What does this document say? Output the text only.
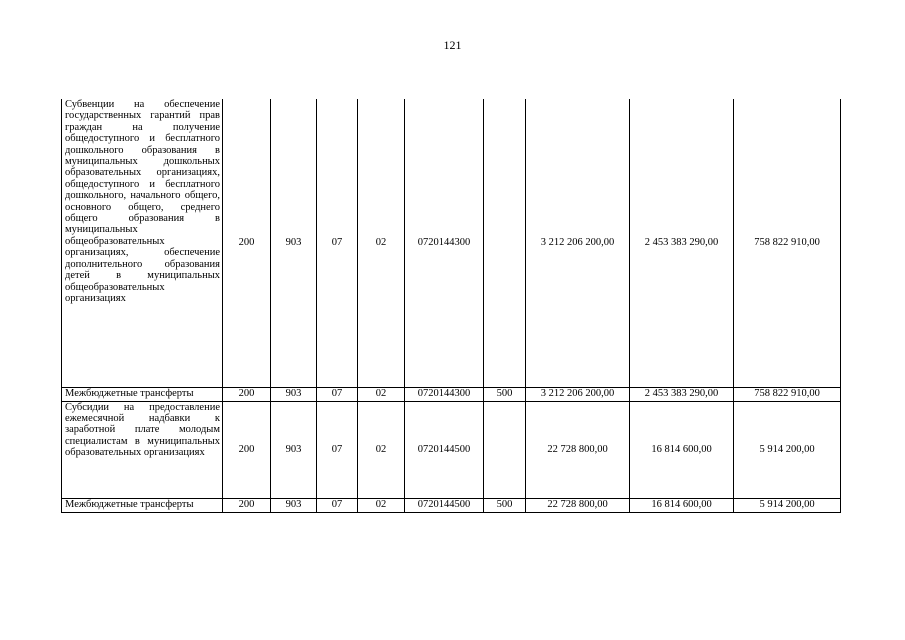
121
Субвенции на обеспечение государственных гарантий прав граждан на получение общедоступного и бесплатного дошкольного образования в муниципальных дошкольных образовательных организациях, общедоступного и бесплатного дошкольного, начального общего, основного общего, среднего общего образования в муниципальных общеобразовательных организациях, обеспечение дополнительного образования детей в муниципальных общеобразовательных организациях	200	903	07	02	0720144300		3 212 206 200,00	2 453 383 290,00	758 822 910,00
Межбюджетные трансферты	200	903	07	02	0720144300	500	3 212 206 200,00	2 453 383 290,00	758 822 910,00
Субсидии на предоставление ежемесячной надбавки к заработной плате молодым специалистам в муниципальных образовательных организациях	200	903	07	02	0720144500		22 728 800,00	16 814 600,00	5 914 200,00
Межбюджетные трансферты	200	903	07	02	0720144500	500	22 728 800,00	16 814 600,00	5 914 200,00
